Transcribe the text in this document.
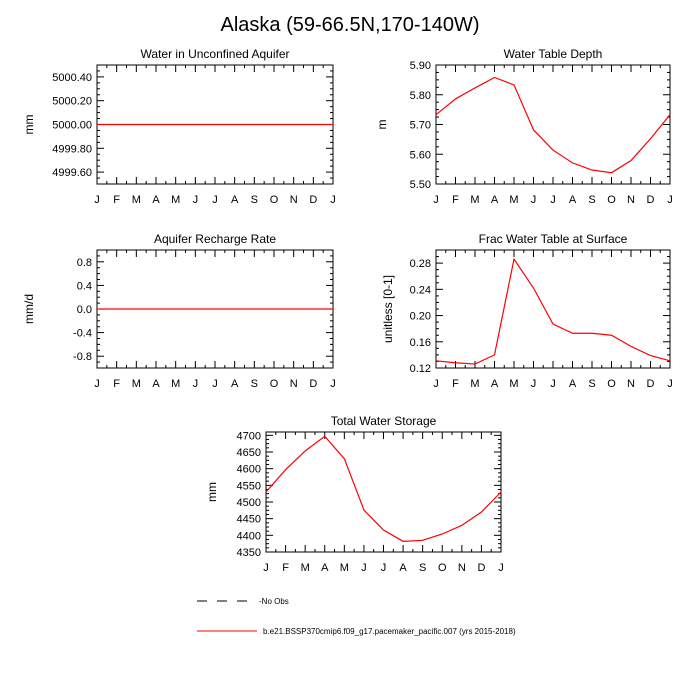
Alaska (59-66.5N,170-140W)
Water in Unconfined Aquifer
mm
J F M A M J J A S O N D J
4999.60
4999.80
5000.00
5000.20
5000.40
Water Table Depth
m
J F M A M J J A S O N D J
5.50
5.60
5.70
5.80
5.90
Aquifer Recharge Rate
mm/d
J F M A M J J A S O N D J
-0.8
-0.4
0.0
0.4
0.8
Frac Water Table at Surface
unitless [0-1]
J F M A M J J A S O N D J
0.12
0.16
0.20
0.24
0.28
Total Water Storage
mm
J F M A M J J A S O N D J
4350
4400
4450
4500
4550
4600
4650
4700
-No Obs
b.e21.BSSP370cmip6.f09_g17.pacemaker_pacific.007 (yrs 2015-2018)
